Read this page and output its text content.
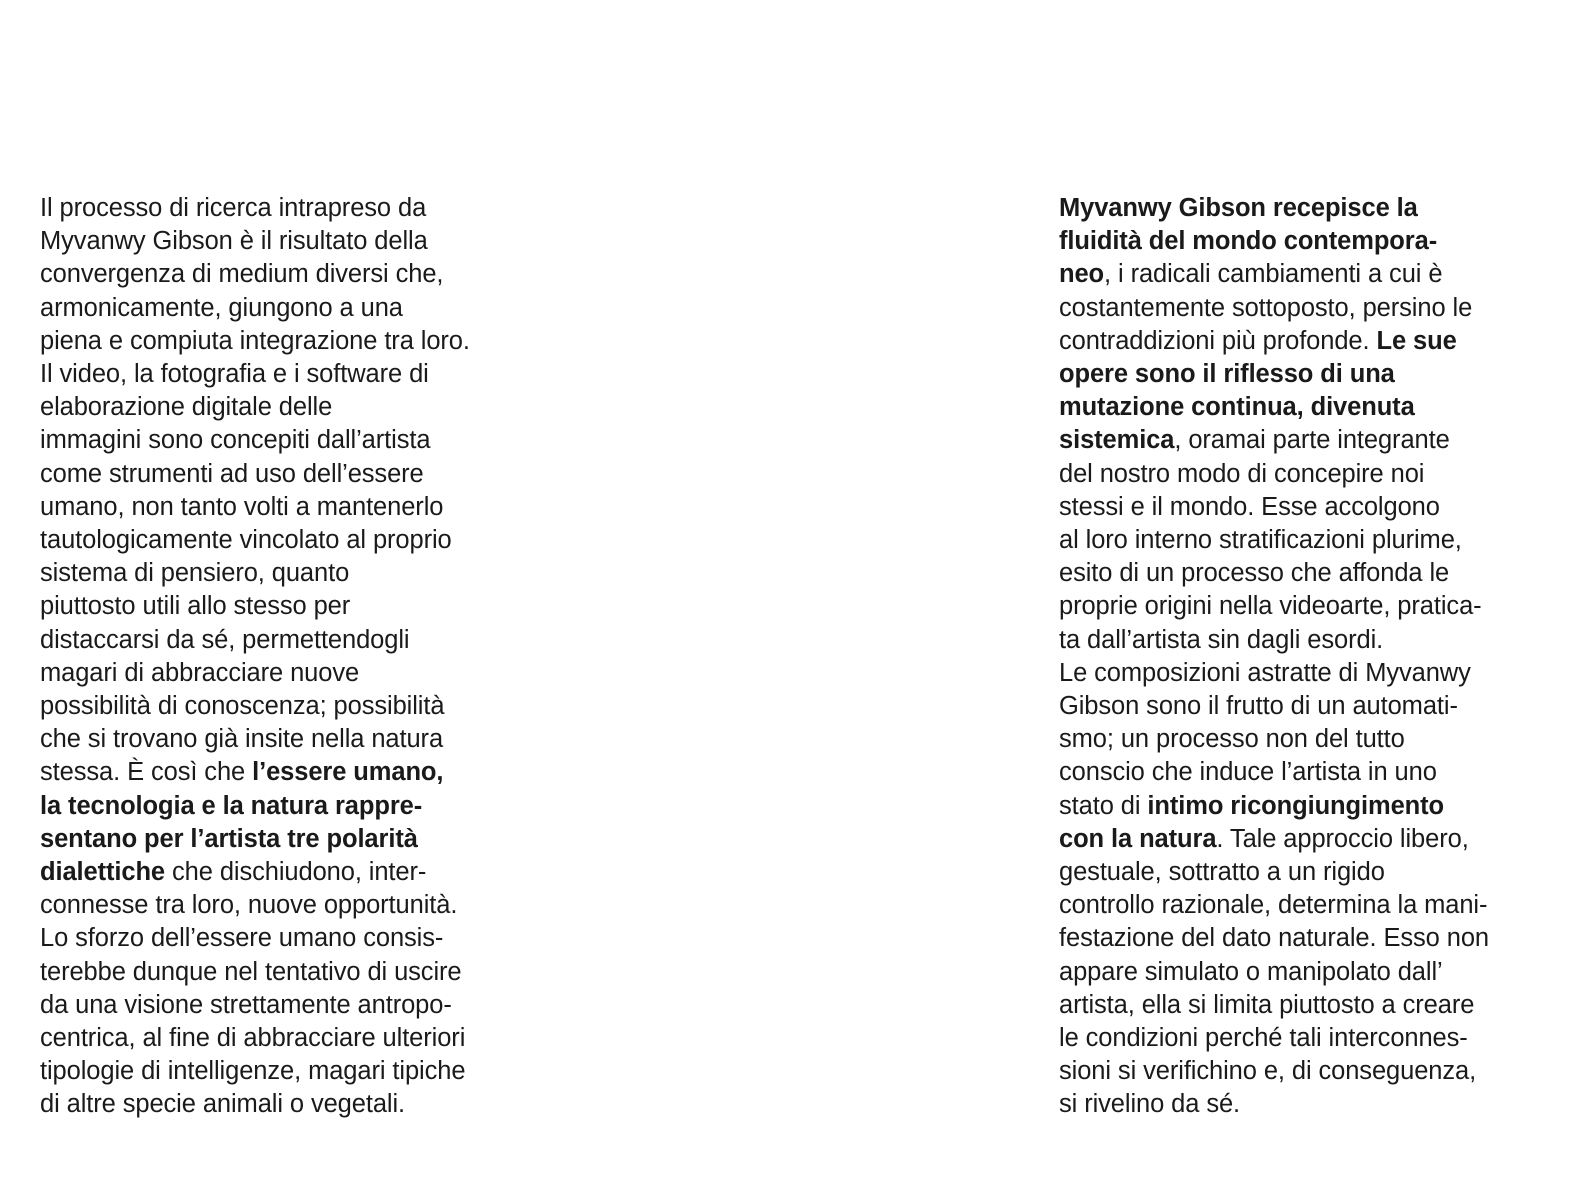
Il processo di ricerca intrapreso da
Myvanwy Gibson è il risultato della
convergenza di medium diversi che,
armonicamente, giungono a una
piena e compiuta integrazione tra loro.
Il video, la fotografia e i software di
elaborazione digitale delle
immagini sono concepiti dall’artista
come strumenti ad uso dell’essere
umano, non tanto volti a mantenerlo
tautologicamente vincolato al proprio
sistema di pensiero, quanto
piuttosto utili allo stesso per
distaccarsi da sé, permettendogli
magari di abbracciare nuove
possibilità di conoscenza; possibilità
che si trovano già insite nella natura
stessa. È così che l’essere umano,
la tecnologia e la natura rappre-
sentano per l’artista tre polarità
dialettiche che dischiudono, inter-
connesse tra loro, nuove opportunità.
Lo sforzo dell’essere umano consis-
terebbe dunque nel tentativo di uscire
da una visione strettamente antropo-
centrica, al fine di abbracciare ulteriori
tipologie di intelligenze, magari tipiche
di altre specie animali o vegetali.
Myvanwy Gibson recepisce la
fluidità del mondo contempora-
neo, i radicali cambiamenti a cui è
costantemente sottoposto, persino le
contraddizioni più profonde. Le sue
opere sono il riflesso di una
mutazione continua, divenuta
sistemica, oramai parte integrante
del nostro modo di concepire noi
stessi e il mondo. Esse accolgono
al loro interno stratificazioni plurime,
esito di un processo che affonda le
proprie origini nella videoarte, pratica-
ta dall’artista sin dagli esordi.
Le composizioni astratte di Myvanwy
Gibson sono il frutto di un automati-
smo; un processo non del tutto
conscio che induce l’artista in uno
stato di intimo ricongiungimento
con la natura. Tale approccio libero,
gestuale, sottratto a un rigido
controllo razionale, determina la mani-
festazione del dato naturale. Esso non
appare simulato o manipolato dall’
artista, ella si limita piuttosto a creare
le condizioni perché tali interconnes-
sioni si verifichino e, di conseguenza,
si rivelino da sé.
